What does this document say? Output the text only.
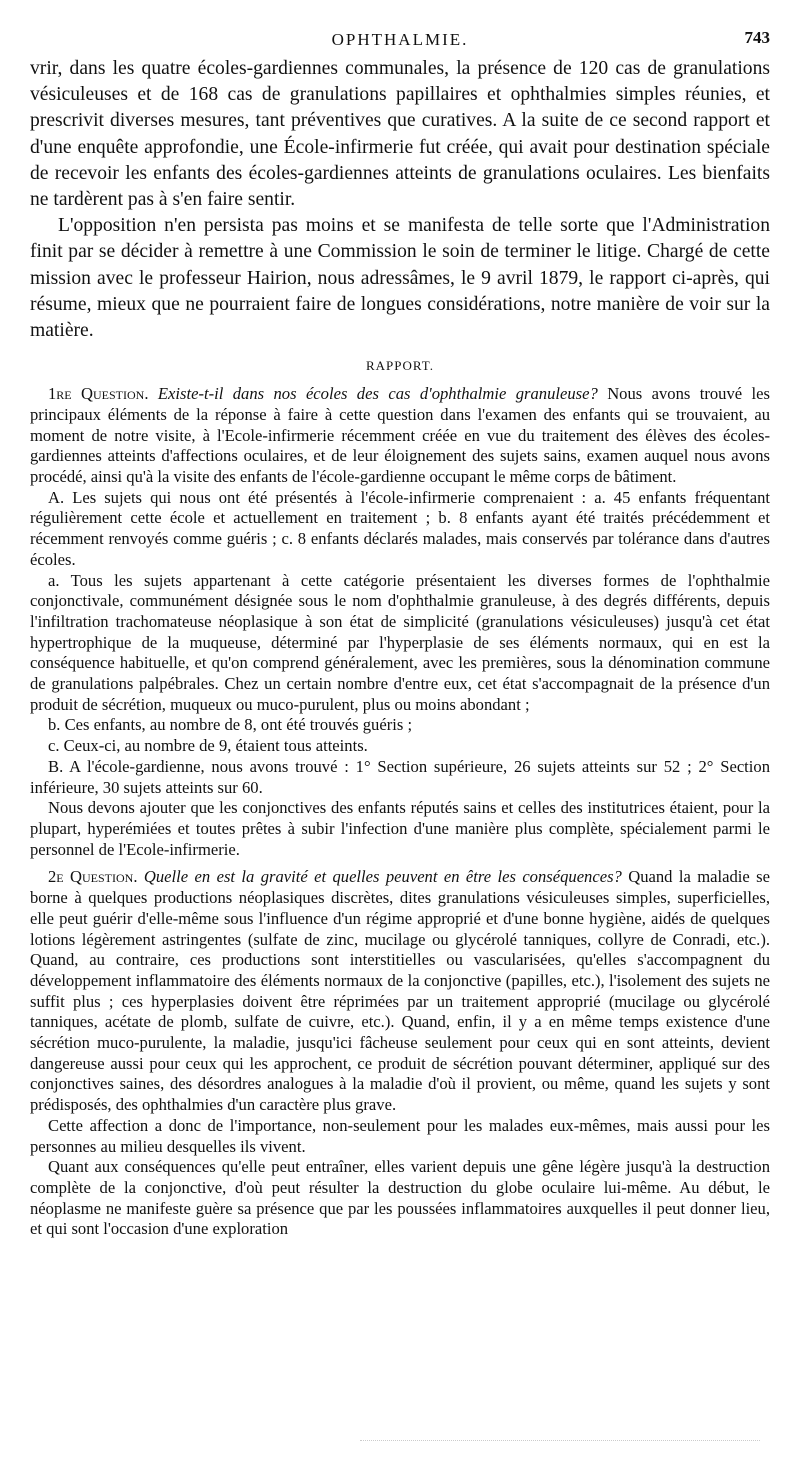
OPHTHALMIE.	743

vrir, dans les quatre écoles-gardiennes communales, la présence de 120 cas de granulations vésiculeuses et de 168 cas de granulations papillaires et ophthalmies simples réunies, et prescrivit diverses mesures, tant préventives que curatives. A la suite de ce second rapport et d'une enquête approfondie, une École-infirmerie fut créée, qui avait pour destination spéciale de recevoir les enfants des écoles-gardiennes atteints de granulations oculaires. Les bienfaits ne tardèrent pas à s'en faire sentir.

L'opposition n'en persista pas moins et se manifesta de telle sorte que l'Administration finit par se décider à remettre à une Commission le soin de terminer le litige. Chargé de cette mission avec le professeur Hairion, nous adressâmes, le 9 avril 1879, le rapport ci-après, qui résume, mieux que ne pourraient faire de longues considérations, notre manière de voir sur la matière.

RAPPORT.

1re Question. Existe-t-il dans nos écoles des cas d'ophthalmie granuleuse? Nous avons trouvé les principaux éléments de la réponse à faire à cette question dans l'examen des enfants qui se trouvaient, au moment de notre visite, à l'Ecole-infirmerie récemment créée en vue du traitement des élèves des écoles-gardiennes atteints d'affections oculaires, et de leur éloignement des sujets sains, examen auquel nous avons procédé, ainsi qu'à la visite des enfants de l'école-gardienne occupant le même corps de bâtiment.

A. Les sujets qui nous ont été présentés à l'école-infirmerie comprenaient : a. 45 enfants fréquentant régulièrement cette école et actuellement en traitement ; b. 8 enfants ayant été traités précédemment et récemment renvoyés comme guéris ; c. 8 enfants déclarés malades, mais conservés par tolérance dans d'autres écoles.

a. Tous les sujets appartenant à cette catégorie présentaient les diverses formes de l'ophthalmie conjonctivale, communément désignée sous le nom d'ophthalmie granuleuse, à des degrés différents, depuis l'infiltration trachomateuse néoplasique à son état de simplicité (granulations vésiculeuses) jusqu'à cet état hypertrophique de la muqueuse, déterminé par l'hyperplasie de ses éléments normaux, qui en est la conséquence habituelle, et qu'on comprend généralement, avec les premières, sous la dénomination commune de granulations palpébrales. Chez un certain nombre d'entre eux, cet état s'accompagnait de la présence d'un produit de sécrétion, muqueux ou muco-purulent, plus ou moins abondant ;

b. Ces enfants, au nombre de 8, ont été trouvés guéris ;

c. Ceux-ci, au nombre de 9, étaient tous atteints.

B. A l'école-gardienne, nous avons trouvé : 1° Section supérieure, 26 sujets atteints sur 52 ; 2° Section inférieure, 30 sujets atteints sur 60.

Nous devons ajouter que les conjonctives des enfants réputés sains et celles des institutrices étaient, pour la plupart, hyperémiées et toutes prêtes à subir l'infection d'une manière plus complète, spécialement parmi le personnel de l'Ecole-infirmerie.

2e Question. Quelle en est la gravité et quelles peuvent en être les conséquences? Quand la maladie se borne à quelques productions néoplasiques discrètes, dites granulations vésiculeuses simples, superficielles, elle peut guérir d'elle-même sous l'influence d'un régime approprié et d'une bonne hygiène, aidés de quelques lotions légèrement astringentes (sulfate de zinc, mucilage ou glycérolé tanniques, collyre de Conradi, etc.). Quand, au contraire, ces productions sont interstitielles ou vascularisées, qu'elles s'accompagnent du développement inflammatoire des éléments normaux de la conjonctive (papilles, etc.), l'isolement des sujets ne suffit plus ; ces hyperplasies doivent être réprimées par un traitement approprié (mucilage ou glycérolé tanniques, acétate de plomb, sulfate de cuivre, etc.). Quand, enfin, il y a en même temps existence d'une sécrétion muco-purulente, la maladie, jusqu'ici fâcheuse seulement pour ceux qui en sont atteints, devient dangereuse aussi pour ceux qui les approchent, ce produit de sécrétion pouvant déterminer, appliqué sur des conjonctives saines, des désordres analogues à la maladie d'où il provient, ou même, quand les sujets y sont prédisposés, des ophthalmies d'un caractère plus grave.

Cette affection a donc de l'importance, non-seulement pour les malades eux-mêmes, mais aussi pour les personnes au milieu desquelles ils vivent.

Quant aux conséquences qu'elle peut entraîner, elles varient depuis une gêne légère jusqu'à la destruction complète de la conjonctive, d'où peut résulter la destruction du globe oculaire lui-même. Au début, le néoplasme ne manifeste guère sa présence que par les poussées inflammatoires auxquelles il peut donner lieu, et qui sont l'occasion d'une exploration
